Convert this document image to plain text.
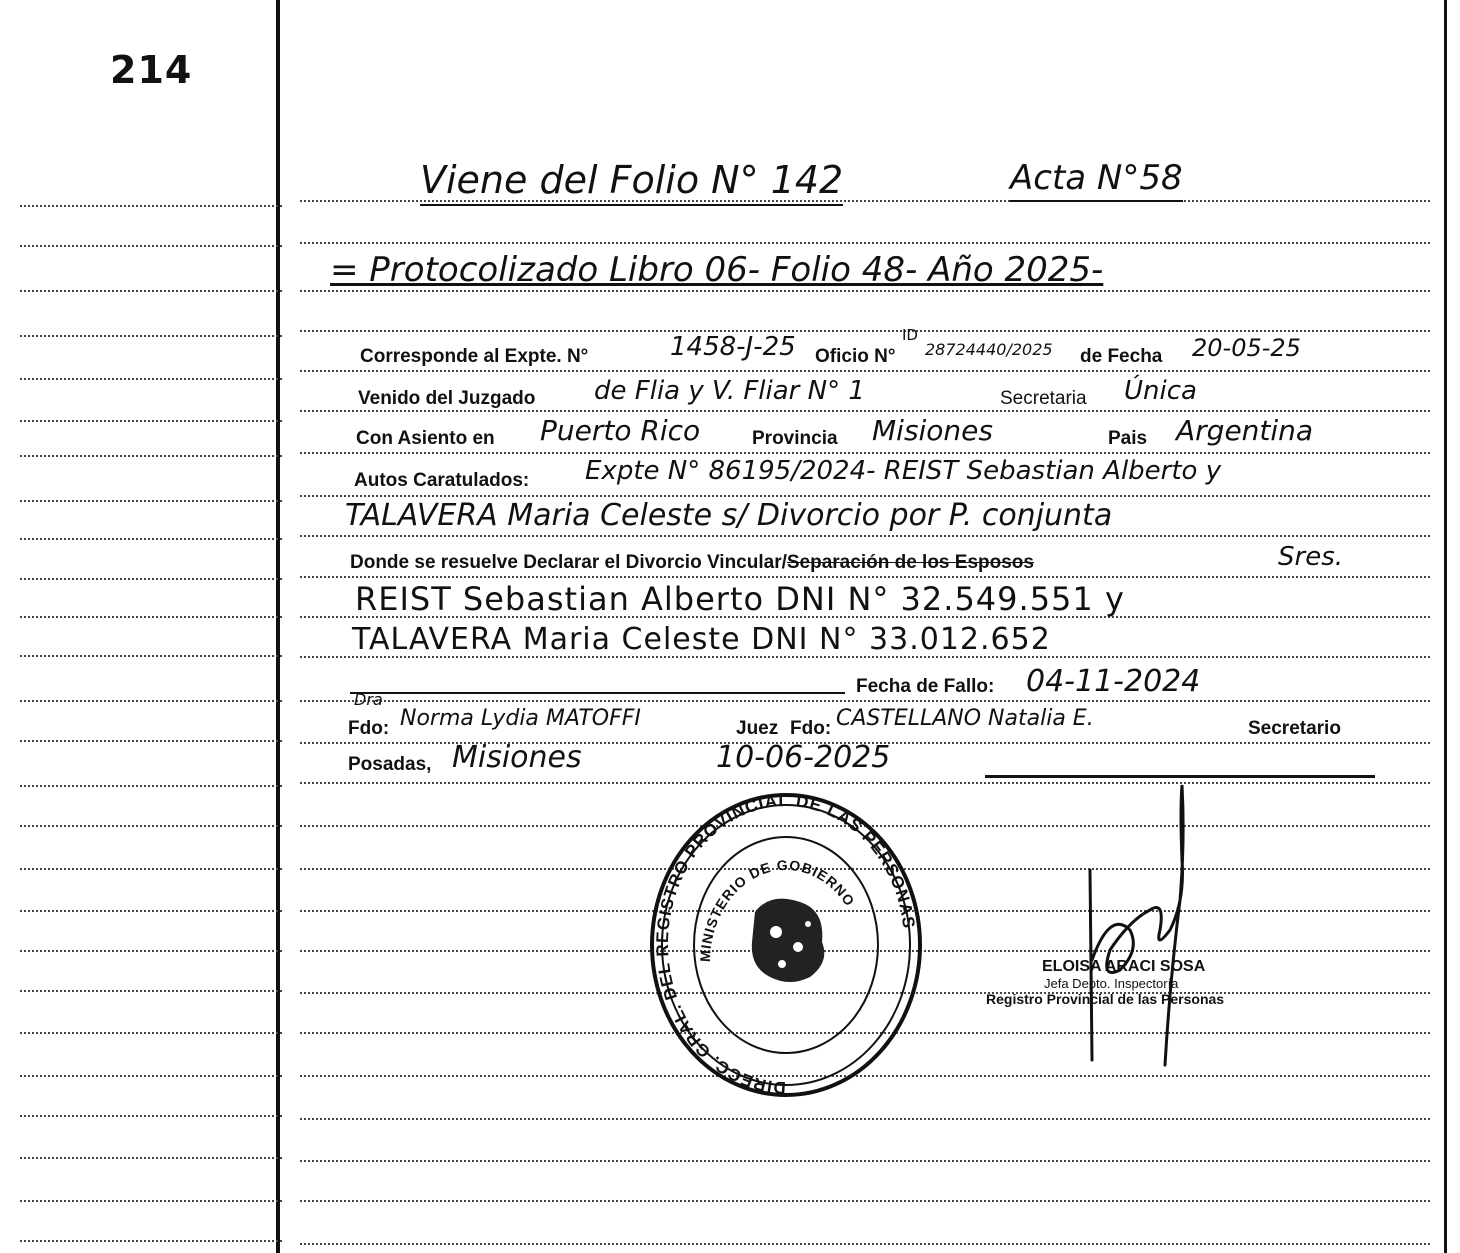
214
Viene del Folio N° 142	Acta N°58
= Protocolizado Libro 06- Folio 48- Año 2025-
Corresponde al Expte. N°	1458-J-25 Oficio N°
ID
28724440/2025 de Fecha 20-05-25
Venido del Juzgado de Flia y V. Fliar N° 1	Secretaria Única
Con Asiento en Puerto Rico	Provincia Misiones	Pais Argentina
Autos Caratulados: Expte N° 86195/2024- REIST Sebastian Alberto y
TALAVERA Maria Celeste s/ Divorcio por P. conjunta
Donde se resuelve Declarar el Divorcio Vincular/Separación de los Esposos	Sres.
REIST Sebastian Alberto DNI N° 32.549.551 y
TALAVERA Maria Celeste DNI N° 33.012.652
Fecha de Fallo: 04-11-2024
Dra
Fdo: Norma Lydia MATOFFI	Juez Fdo: CASTELLANO Natalia E.	Secretario
Posadas, Misiones	10-06-2025
DIRECC. GRAL. DEL REGISTRO PROVINCIAL DE LAS PERSONAS
MINISTERIO DE GOBIERNO
ELOISA ARACI SOSA
Jefa Depto. Inspectoría
Registro Provincial de las Personas
